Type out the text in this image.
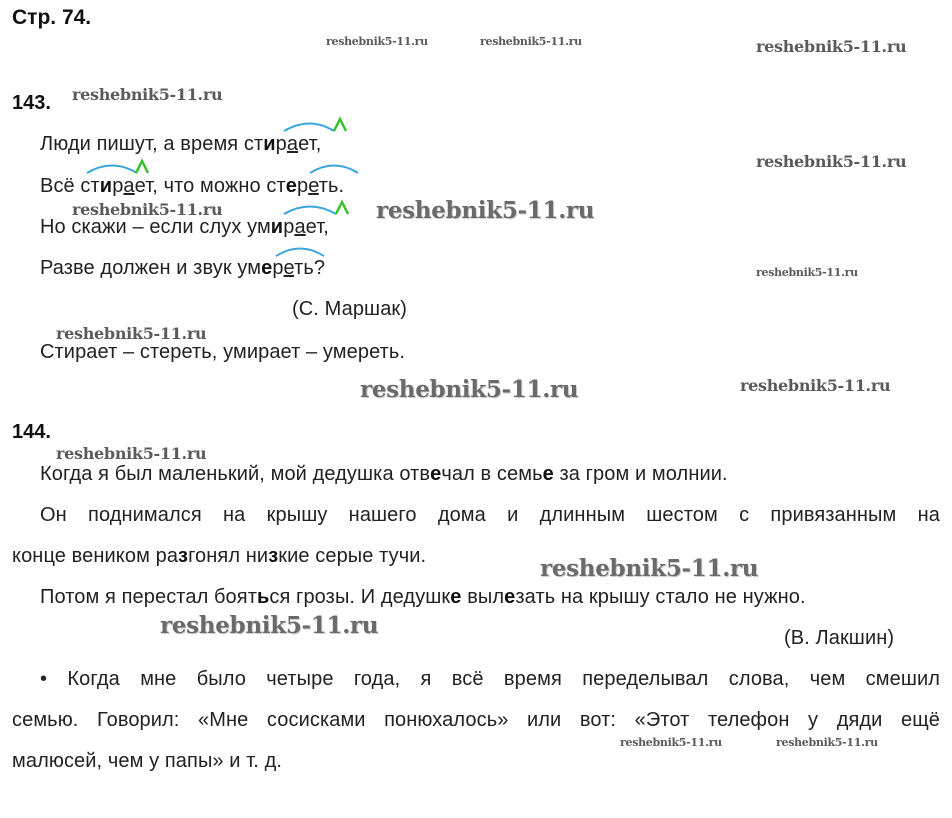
Стр. 74.
reshebnik5-11.ru	reshebnik5-11.ru	reshebnik5-11.ru
reshebnik5-11.ru
reshebnik5-11.ru
reshebnik5-11.ru	reshebnik5-11.ru
reshebnik5-11.ru
reshebnik5-11.ru
reshebnik5-11.ru	reshebnik5-11.ru
reshebnik5-11.ru
reshebnik5-11.ru
reshebnik5-11.ru
reshebnik5-11.ru	reshebnik5-11.ru
143.
Люди пишут, а время стирает,
Всё стирает, что можно стереть.
Но скажи – если слух умирает,
Разве должен и звук умереть?
(С. Маршак)
Стирает – стереть, умирает – умереть.
144.
Когда я был маленький, мой дедушка отвечал в семье за гром и молнии.
Он поднимался на крышу нашего дома и длинным шестом с привязанным на
конце веником разгонял низкие серые тучи.
Потом я перестал бояться грозы. И дедушке вылезать на крышу стало не нужно.
(В. Лакшин)
• Когда мне было четыре года, я всё время переделывал слова, чем смешил
семью. Говорил: «Мне сосисками понюхалось» или вот: «Этот телефон у дяди ещё
малюсей, чем у папы» и т. д.
